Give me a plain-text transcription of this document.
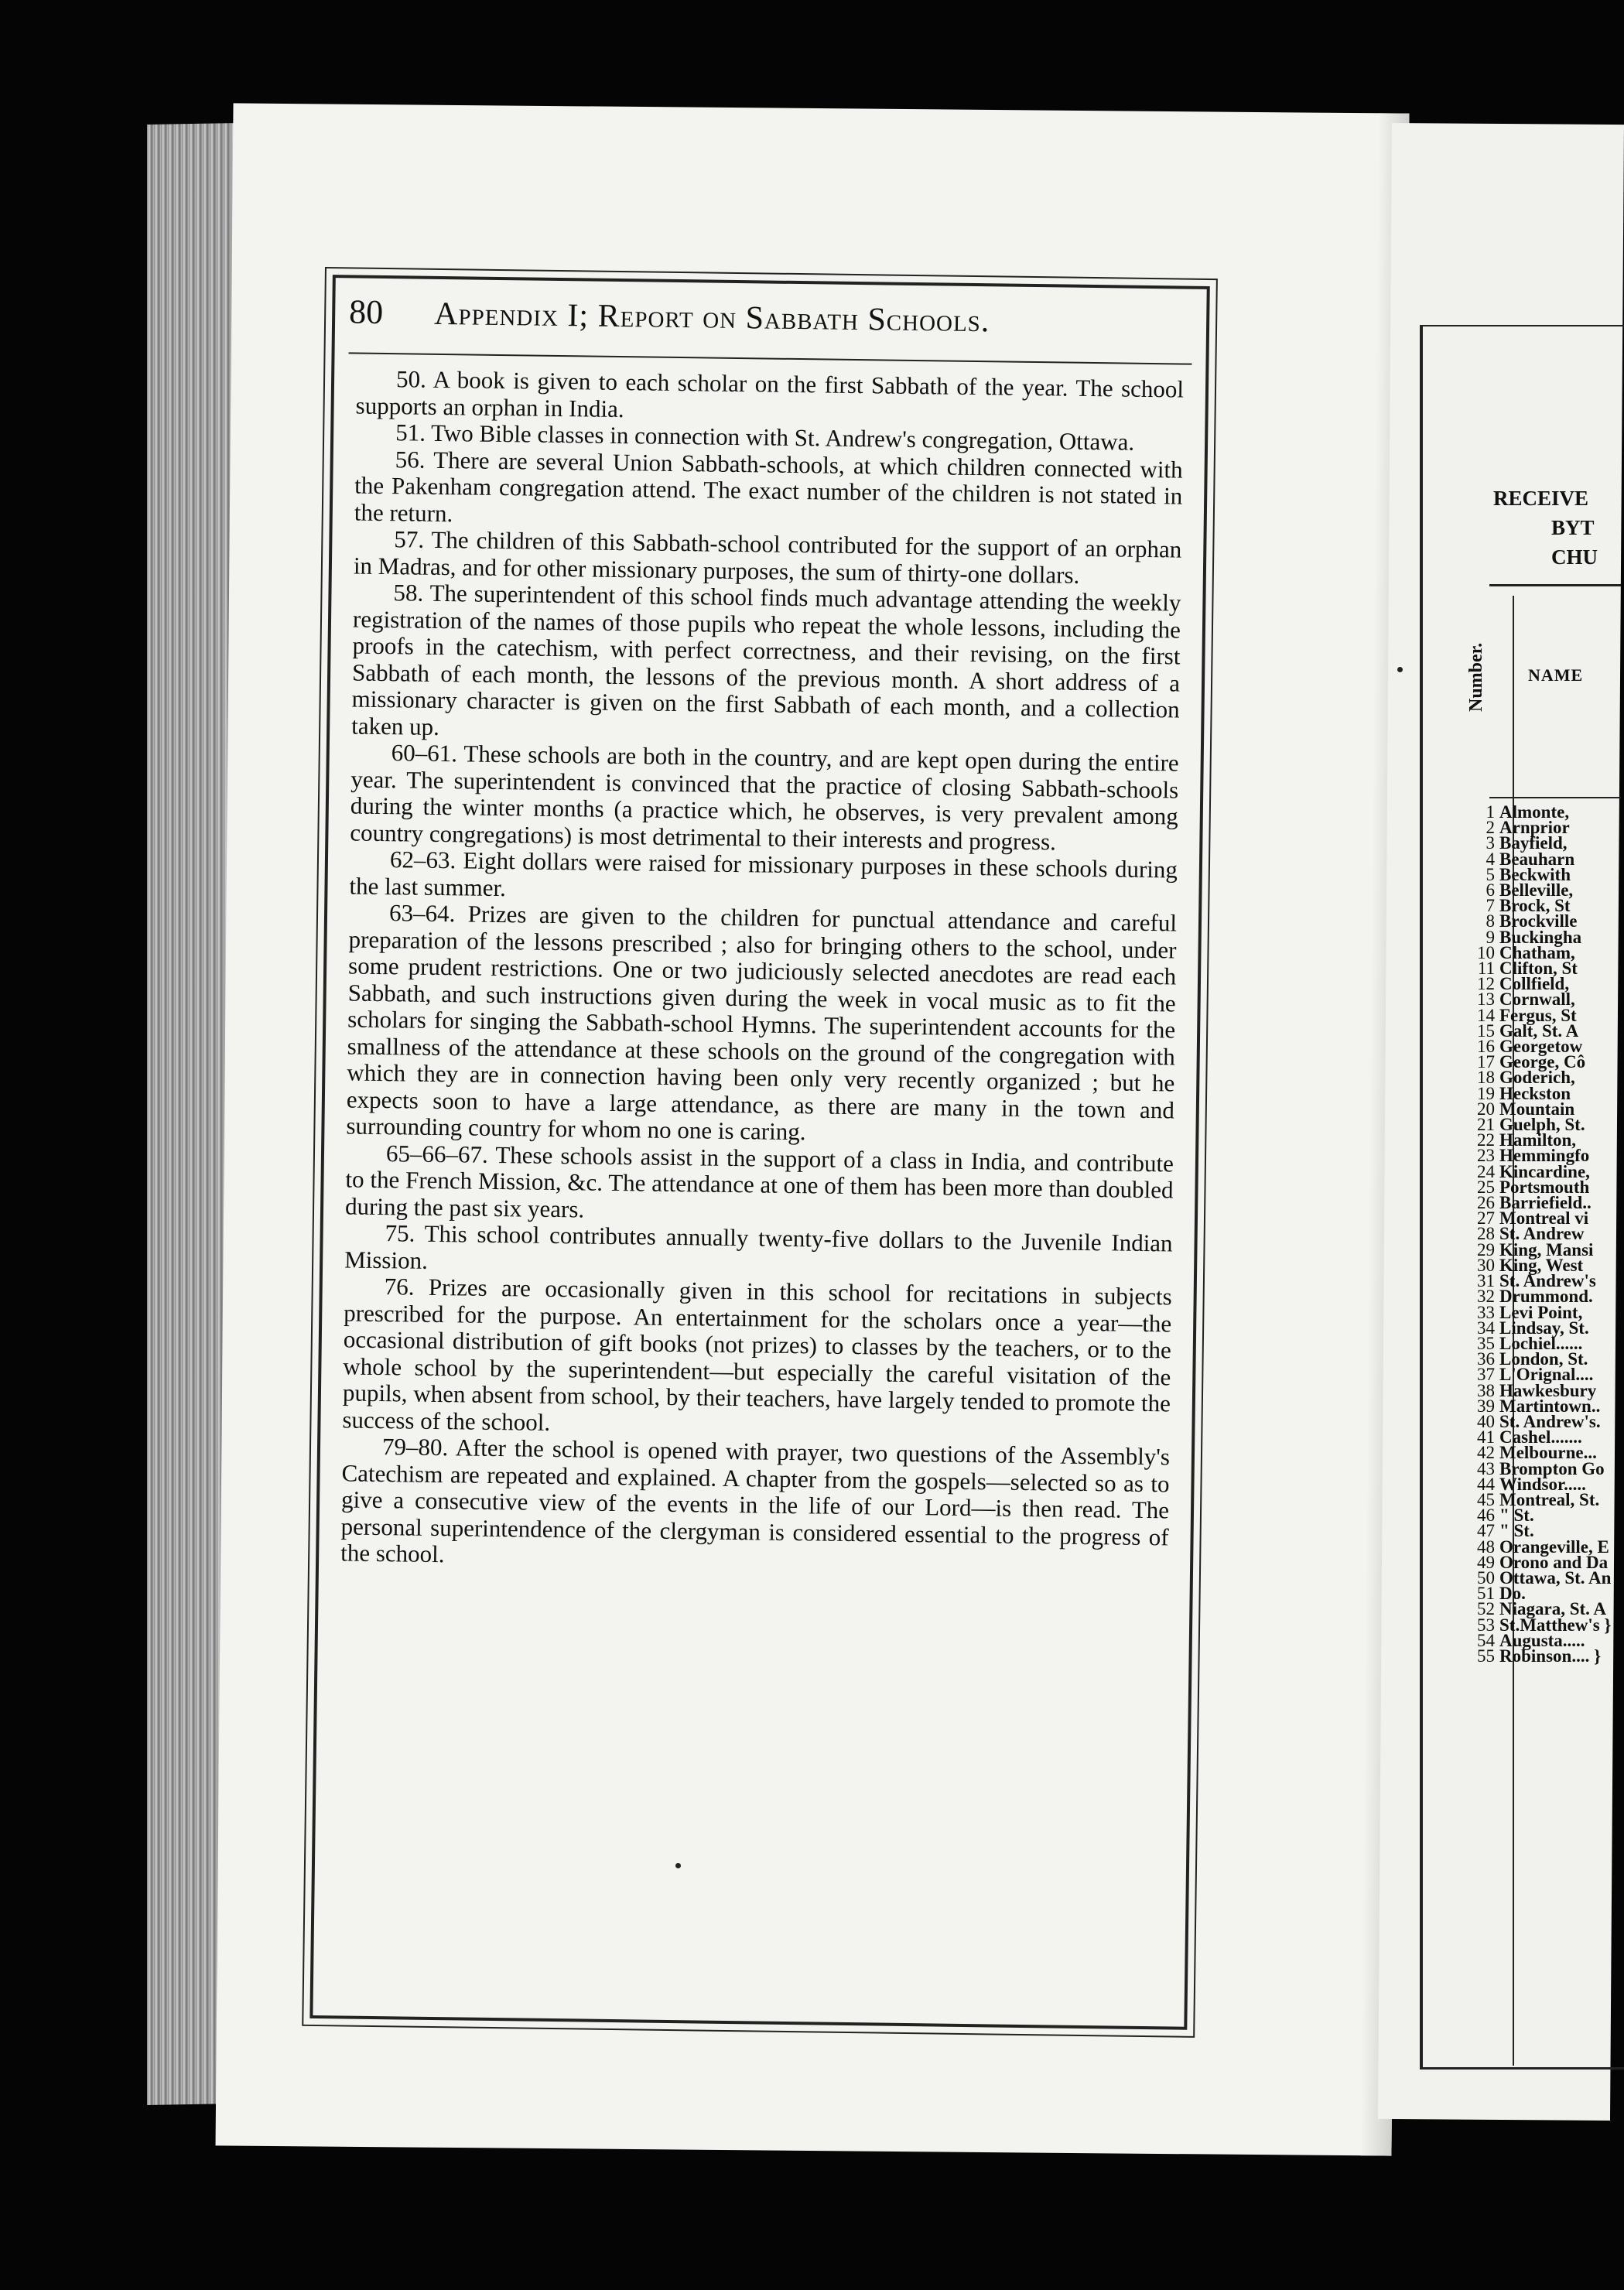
80	Appendix I; Report on Sabbath Schools.

50. A book is given to each scholar on the first Sabbath of the year. The school supports an orphan in India.

51. Two Bible classes in connection with St. Andrew's congregation, Ottawa.

56. There are several Union Sabbath-schools, at which children connected with the Pakenham congregation attend. The exact number of the children is not stated in the return.

57. The children of this Sabbath-school contributed for the support of an orphan in Madras, and for other missionary purposes, the sum of thirty-one dollars.

58. The superintendent of this school finds much advantage attending the weekly registration of the names of those pupils who repeat the whole lessons, including the proofs in the catechism, with perfect correctness, and their revising, on the first Sabbath of each month, the lessons of the previous month. A short address of a missionary character is given on the first Sabbath of each month, and a collection taken up.

60–61. These schools are both in the country, and are kept open during the entire year. The superintendent is convinced that the practice of closing Sabbath-schools during the winter months (a practice which, he observes, is very prevalent among country congregations) is most detrimental to their interests and progress.

62–63. Eight dollars were raised for missionary purposes in these schools during the last summer.

63–64. Prizes are given to the children for punctual attendance and careful preparation of the lessons prescribed ; also for bringing others to the school, under some prudent restrictions. One or two judiciously selected anecdotes are read each Sabbath, and such instructions given during the week in vocal music as to fit the scholars for singing the Sabbath-school Hymns. The superintendent accounts for the smallness of the attendance at these schools on the ground of the congregation with which they are in connection having been only very recently organized ; but he expects soon to have a large attendance, as there are many in the town and surrounding country for whom no one is caring.

65–66–67. These schools assist in the support of a class in India, and contribute to the French Mission, &c. The attendance at one of them has been more than doubled during the past six years.

75. This school contributes annually twenty-five dollars to the Juvenile Indian Mission.

76. Prizes are occasionally given in this school for recitations in subjects prescribed for the purpose. An entertainment for the scholars once a year—the occasional distribution of gift books (not prizes) to classes by the teachers, or to the whole school by the superintendent—but especially the careful visitation of the pupils, when absent from school, by their teachers, have largely tended to promote the success of the school.

79–80. After the school is opened with prayer, two questions of the Assembly's Catechism are repeated and explained. A chapter from the gospels—selected so as to give a consecutive view of the events in the life of our Lord—is then read. The personal superintendence of the clergyman is considered essential to the progress of the school.

RECEIVE
BYT
CHU
Number. NAME
1 Almonte,
2 Arnprior
3 Bayfield,
4 Beauharn
5 Beckwith
6 Belleville,
7 Brock, St
8 Brockville
9 Buckingha
10 Chatham,
11 Clifton, St
12 Collfield,
13 Cornwall,
14 Fergus, St
15 Galt, St. A
16 Georgetow
17 George, Cô
18 Goderich,
19 Heckston
20 Mountain
21 Guelph, St.
22 Hamilton,
23 Hemmingfo
24 Kincardine,
25 Portsmouth
26 Barriefield..
27 Montreal vi
28 St. Andrew
29 King, Mansi
30 King, West
31 St. Andrew's
32 Drummond.
33 Levi Point,
34 Lindsay, St.
35 Lochiel......
36 London, St.
37 L'Orignal....
38 Hawkesbury
39 Martintown..
40 St. Andrew's.
41 Cashel.......
42 Melbourne...
43 Brompton Go
44 Windsor.....
45 Montreal, St.
46 " St.
47 " St.
48 Orangeville, E
49 Orono and Da
50 Ottawa, St. An
51 Do.
52 Niagara, St. A
53 St.Matthew's }
54 Augusta.....
55 Robinson.... }
